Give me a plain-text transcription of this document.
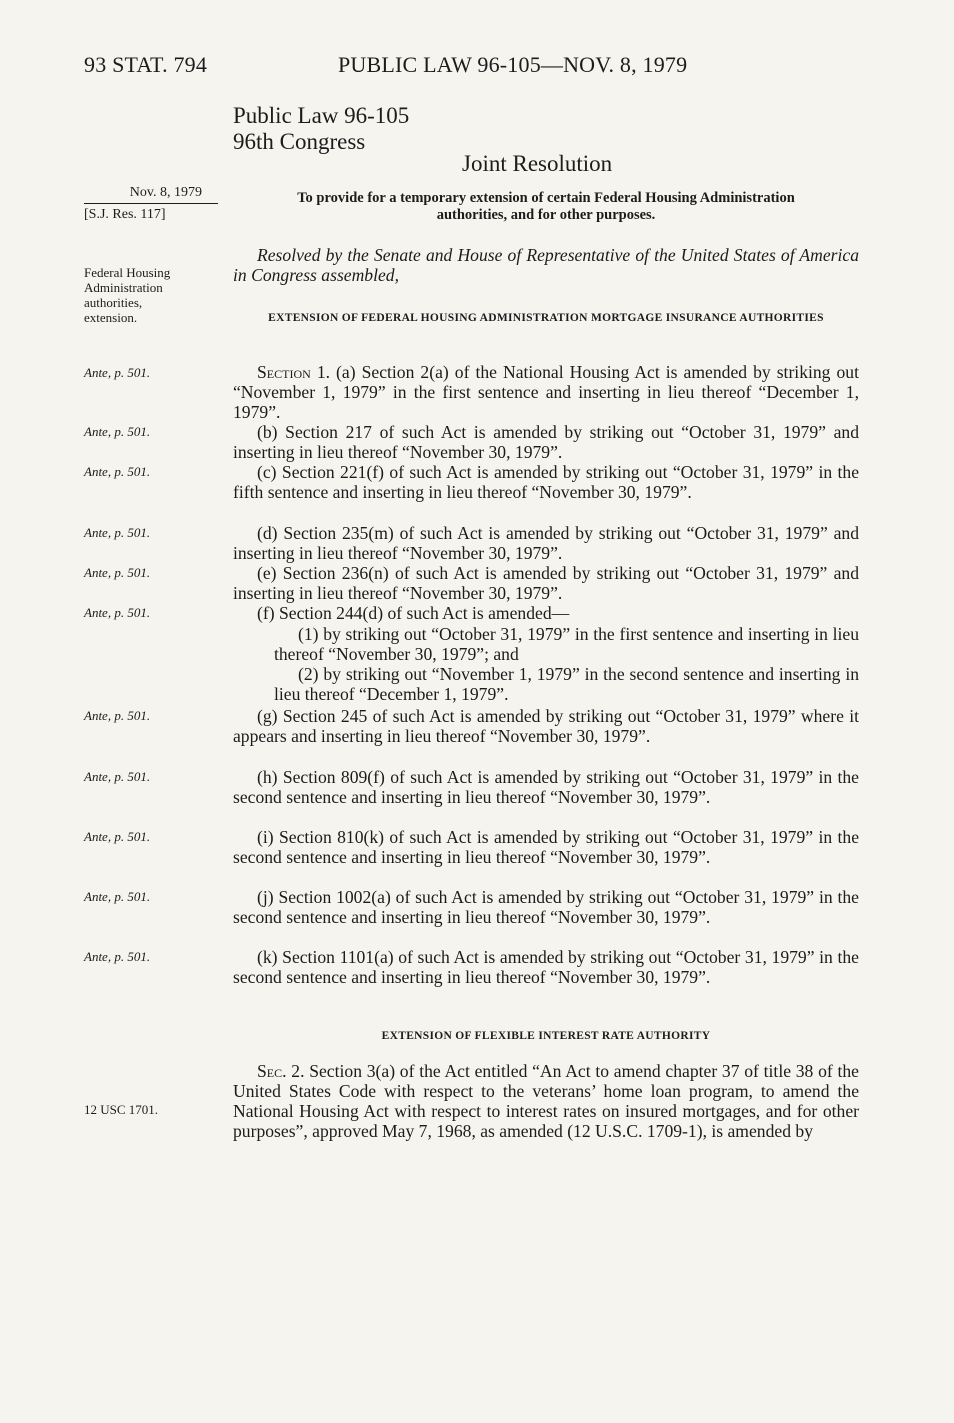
93 STAT. 794	PUBLIC LAW 96-105—NOV. 8, 1979
Public Law 96-105
96th Congress
Joint Resolution
To provide for a temporary extension of certain Federal Housing Administration
authorities, and for other purposes.
Nov. 8, 1979
[S.J. Res. 117]
Federal Housing
Administration
authorities,
extension.

Resolved by the Senate and House of Representative of the United States of America in Congress assembled,

EXTENSION OF FEDERAL HOUSING ADMINISTRATION MORTGAGE INSURANCE AUTHORITIES

Section 1. (a) Section 2(a) of the National Housing Act is amended by striking out “November 1, 1979” in the first sentence and inserting in lieu thereof “December 1, 1979”.

Ante, p. 501.

(b) Section 217 of such Act is amended by striking out “October 31, 1979” and inserting in lieu thereof “November 30, 1979”.

Ante, p. 501.

(c) Section 221(f) of such Act is amended by striking out “October 31, 1979” in the fifth sentence and inserting in lieu thereof “November 30, 1979”.

Ante, p. 501.

(d) Section 235(m) of such Act is amended by striking out “October 31, 1979” and inserting in lieu thereof “November 30, 1979”.

Ante, p. 501.

(e) Section 236(n) of such Act is amended by striking out “October 31, 1979” and inserting in lieu thereof “November 30, 1979”.

Ante, p. 501.

(f) Section 244(d) of such Act is amended—

Ante, p. 501.

(1) by striking out “October 31, 1979” in the first sentence and inserting in lieu thereof “November 30, 1979”; and

(2) by striking out “November 1, 1979” in the second sentence and inserting in lieu thereof “December 1, 1979”.

(g) Section 245 of such Act is amended by striking out “October 31, 1979” where it appears and inserting in lieu thereof “November 30, 1979”.

Ante, p. 501.

(h) Section 809(f) of such Act is amended by striking out “October 31, 1979” in the second sentence and inserting in lieu thereof “November 30, 1979”.

Ante, p. 501.

(i) Section 810(k) of such Act is amended by striking out “October 31, 1979” in the second sentence and inserting in lieu thereof “November 30, 1979”.

Ante, p. 501.

(j) Section 1002(a) of such Act is amended by striking out “October 31, 1979” in the second sentence and inserting in lieu thereof “November 30, 1979”.

Ante, p. 501.

(k) Section 1101(a) of such Act is amended by striking out “October 31, 1979” in the second sentence and inserting in lieu thereof “November 30, 1979”.

Ante, p. 501.
EXTENSION OF FLEXIBLE INTEREST RATE AUTHORITY

Sec. 2. Section 3(a) of the Act entitled “An Act to amend chapter 37 of title 38 of the United States Code with respect to the veterans’ home loan program, to amend the National Housing Act with respect to interest rates on insured mortgages, and for other purposes”, approved May 7, 1968, as amended (12 U.S.C. 1709-1), is amended by

12 USC 1701.
